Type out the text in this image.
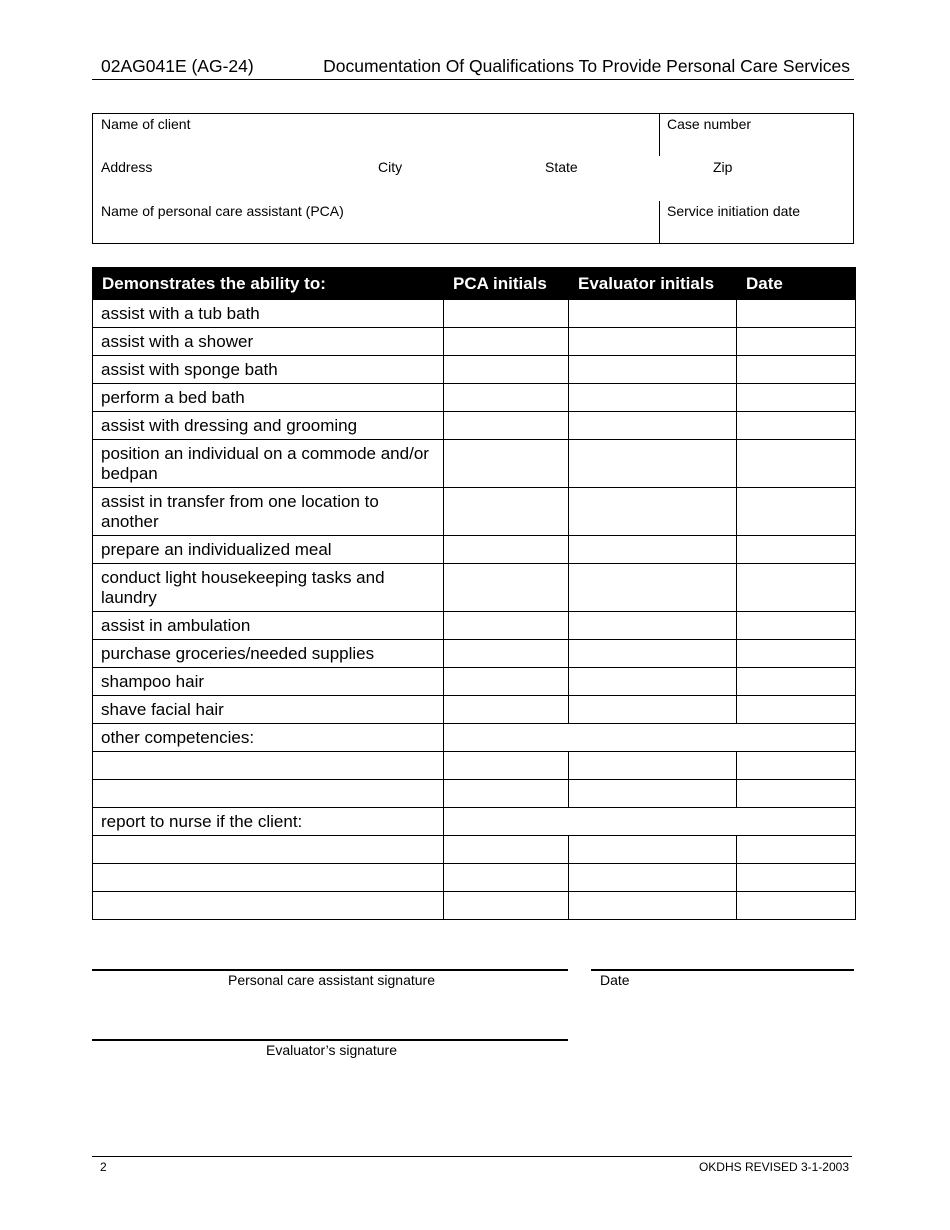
02AG041E (AG-24)	Documentation Of Qualifications To Provide Personal Care Services
Name of client	Case number
Address	City	State	Zip
Name of personal care assistant (PCA)	Service initiation date
Demonstrates the ability to:	PCA initials	Evaluator initials	Date
assist with a tub bath			
assist with a shower			
assist with sponge bath			
perform a bed bath			
assist with dressing and grooming			
position an individual on a commode and/or bedpan			
assist in transfer from one location to another			
prepare an individualized meal			
conduct light housekeeping tasks and laundry			
assist in ambulation			
purchase groceries/needed supplies			
shampoo hair			
shave facial hair			
other competencies:			

report to nurse if the client:			

Personal care assistant signature	Date
Evaluator’s signature
2	OKDHS REVISED 3-1-2003
